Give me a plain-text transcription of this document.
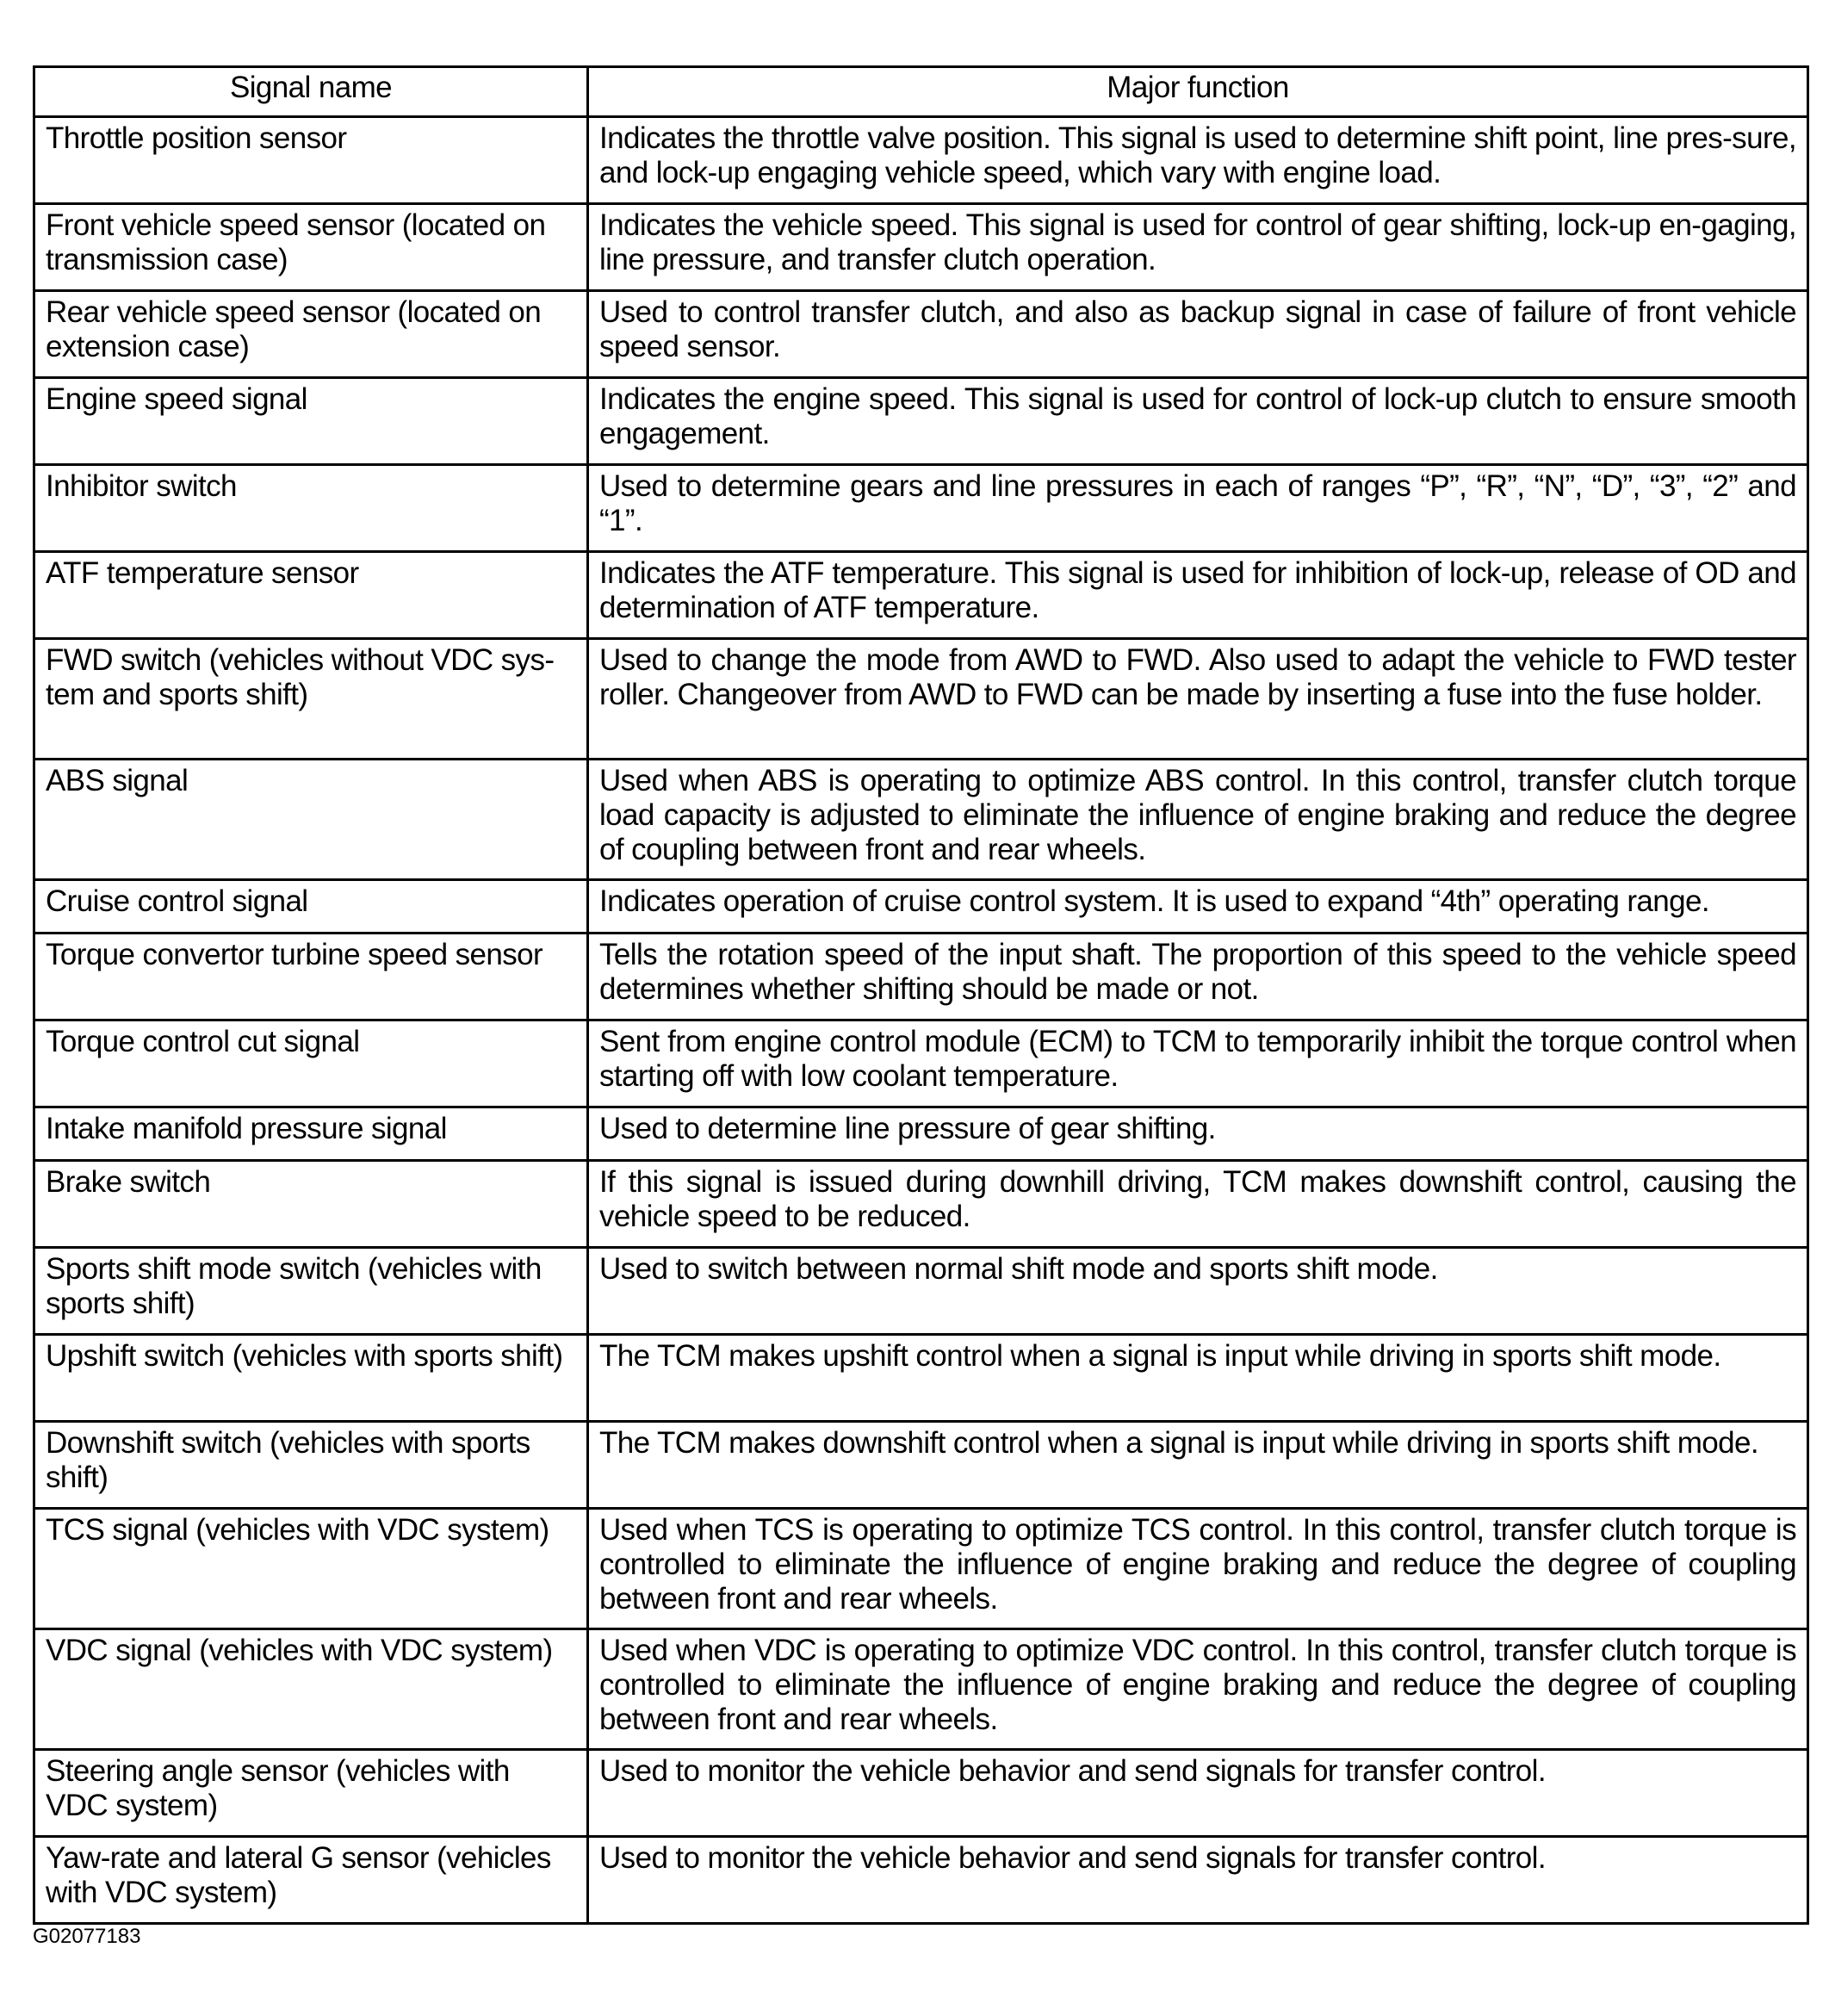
Signal name	Major function
Throttle position sensor	Indicates the throttle valve position. This signal is used to determine shift point, line pres-sure, and lock-up engaging vehicle speed, which vary with engine load.
Front vehicle speed sensor (located on transmission case)	Indicates the vehicle speed. This signal is used for control of gear shifting, lock-up en-gaging, line pressure, and transfer clutch operation.
Rear vehicle speed sensor (located on extension case)	Used to control transfer clutch, and also as backup signal in case of failure of front vehicle speed sensor.
Engine speed signal	Indicates the engine speed. This signal is used for control of lock-up clutch to ensure smooth engagement.
Inhibitor switch	Used to determine gears and line pressures in each of ranges “P”, “R”, “N”, “D”, “3”, “2” and “1”.
ATF temperature sensor	Indicates the ATF temperature. This signal is used for inhibition of lock-up, release of OD and determination of ATF temperature.
FWD switch (vehicles without VDC sys-tem and sports shift)	Used to change the mode from AWD to FWD. Also used to adapt the vehicle to FWD tester roller. Changeover from AWD to FWD can be made by inserting a fuse into the fuse holder.
ABS signal	Used when ABS is operating to optimize ABS control. In this control, transfer clutch torque load capacity is adjusted to eliminate the influence of engine braking and reduce the degree of coupling between front and rear wheels.
Cruise control signal	Indicates operation of cruise control system. It is used to expand “4th” operating range.
Torque convertor turbine speed sensor	Tells the rotation speed of the input shaft. The proportion of this speed to the vehicle speed determines whether shifting should be made or not.
Torque control cut signal	Sent from engine control module (ECM) to TCM to temporarily inhibit the torque control when starting off with low coolant temperature.
Intake manifold pressure signal	Used to determine line pressure of gear shifting.
Brake switch	If this signal is issued during downhill driving, TCM makes downshift control, causing the vehicle speed to be reduced.
Sports shift mode switch (vehicles with sports shift)	Used to switch between normal shift mode and sports shift mode.
Upshift switch (vehicles with sports shift)	The TCM makes upshift control when a signal is input while driving in sports shift mode.
Downshift switch (vehicles with sports shift)	The TCM makes downshift control when a signal is input while driving in sports shift mode.
TCS signal (vehicles with VDC system)	Used when TCS is operating to optimize TCS control. In this control, transfer clutch torque is controlled to eliminate the influence of engine braking and reduce the degree of coupling between front and rear wheels.
VDC signal (vehicles with VDC system)	Used when VDC is operating to optimize VDC control. In this control, transfer clutch torque is controlled to eliminate the influence of engine braking and reduce the degree of coupling between front and rear wheels.
Steering angle sensor (vehicles with VDC system)	Used to monitor the vehicle behavior and send signals for transfer control.
Yaw-rate and lateral G sensor (vehicles with VDC system)	Used to monitor the vehicle behavior and send signals for transfer control.
G02077183
